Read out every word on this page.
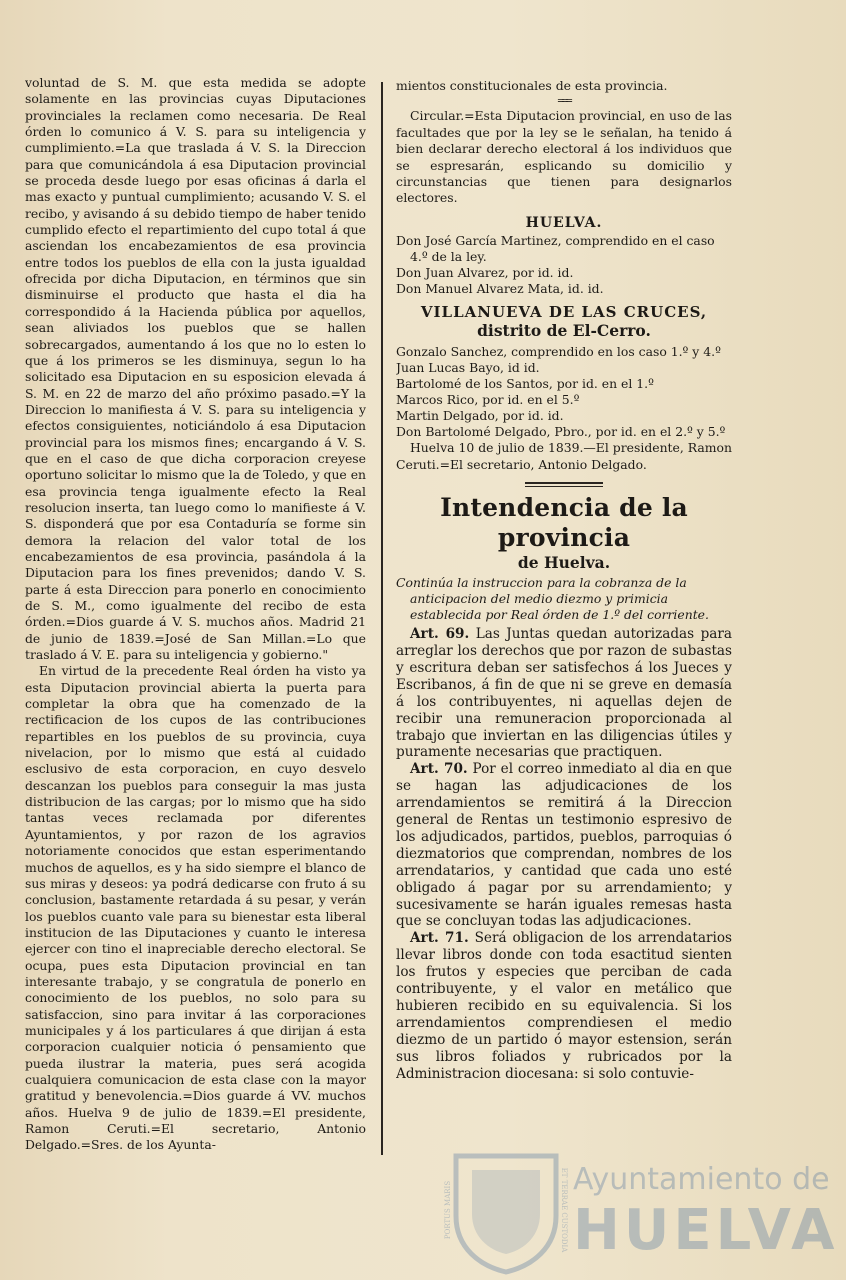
voluntad de S. M. que esta medida se adopte solamente en las provincias cuyas Diputaciones provinciales la reclamen como necesaria. De Real órden lo comunico á V. S. para su inteligencia y cumplimiento.=La que traslada á V. S. la Direccion para que comunicándola á esa Diputacion provincial se proceda desde luego por esas oficinas á darla el mas exacto y puntual cumplimiento; acusando V. S. el recibo, y avisando á su debido tiempo de haber tenido cumplido efecto el repartimiento del cupo total á que asciendan los encabezamientos de esa provincia entre todos los pueblos de ella con la justa igualdad ofrecida por dicha Diputacion, en términos que sin disminuirse el producto que hasta el dia ha correspondido á la Hacienda pública por aquellos, sean aliviados los pueblos que se hallen sobrecargados, aumentando á los que no lo esten lo que á los primeros se les disminuya, segun lo ha solicitado esa Diputacion en su esposicion elevada á S. M. en 22 de marzo del año próximo pasado.=Y la Direccion lo manifiesta á V. S. para su inteligencia y efectos consiguientes, noticiándolo á esa Diputacion provincial para los mismos fines; encargando á V. S. que en el caso de que dicha corporacion creyese oportuno solicitar lo mismo que la de Toledo, y que en esa provincia tenga igualmente efecto la Real resolucion inserta, tan luego como lo manifieste á V. S. disponderá que por esa Contaduría se forme sin demora la relacion del valor total de los encabezamientos de esa provincia, pasándola á la Diputacion para los fines prevenidos; dando V. S. parte á esta Direccion para ponerlo en conocimiento de S. M., como igualmente del recibo de esta órden.=Dios guarde á V. S. muchos años. Madrid 21 de junio de 1839.=José de San Millan.=Lo que traslado á V. E. para su inteligencia y gobierno."

En virtud de la precedente Real órden ha visto ya esta Diputacion provincial abierta la puerta para completar la obra que ha comenzado de la rectificacion de los cupos de las contribuciones repartibles en los pueblos de su provincia, cuya nivelacion, por lo mismo que está al cuidado esclusivo de esta corporacion, en cuyo desvelo descanzan los pueblos para conseguir la mas justa distribucion de las cargas; por lo mismo que ha sido tantas veces reclamada por diferentes Ayuntamientos, y por razon de los agravios notoriamente conocidos que estan esperimentando muchos de aquellos, es y ha sido siempre el blanco de sus miras y deseos: ya podrá dedicarse con fruto á su conclusion, bastamente retardada á su pesar, y verán los pueblos cuanto vale para su bienestar esta liberal institucion de las Diputaciones y cuanto le interesa ejercer con tino el inapreciable derecho electoral. Se ocupa, pues esta Diputacion provincial en tan interesante trabajo, y se congratula de ponerlo en conocimiento de los pueblos, no solo para su satisfaccion, sino para invitar á las corporaciones municipales y á los particulares á que dirijan á esta corporacion cualquier noticia ó pensamiento que pueda ilustrar la materia, pues será acogida cualquiera comunicacion de esta clase con la mayor gratitud y benevolencia.=Dios guarde á VV. muchos años. Huelva 9 de julio de 1839.=El presidente, Ramon Ceruti.=El secretario, Antonio Delgado.=Sres. de los Ayunta-

mientos constitucionales de esta provincia.

═══

Circular.=Esta Diputacion provincial, en uso de las facultades que por la ley se le señalan, ha tenido á bien declarar derecho electoral á los individuos que se espresarán, esplicando su domicilio y circunstancias que tienen para designarlos electores.

HUELVA.
Don José García Martinez, comprendido en el caso 4.º de la ley.
Don Juan Alvarez, por id. id.
Don Manuel Alvarez Mata, id. id.
VILLANUEVA DE LAS CRUCES,
distrito de El-Cerro.
Gonzalo Sanchez, comprendido en los caso 1.º y 4.º
Juan Lucas Bayo, id id.
Bartolomé de los Santos, por id. en el 1.º
Marcos Rico, por id. en el 5.º
Martin Delgado, por id. id.
Don Bartolomé Delgado, Pbro., por id. en el 2.º y 5.º

Huelva 10 de julio de 1839.—El presidente, Ramon Ceruti.=El secretario, Antonio Delgado.

Intendencia de la provincia
de Huelva.
Continúa la instruccion para la cobranza de la anticipacion del medio diezmo y primicia establecida por Real órden de 1.º del corriente.

Art. 69. Las Juntas quedan autorizadas para arreglar los derechos que por razon de subastas y escritura deban ser satisfechos á los Jueces y Escribanos, á fin de que ni se greve en demasía á los contribuyentes, ni aquellas dejen de recibir una remuneracion proporcionada al trabajo que inviertan en las diligencias útiles y puramente necesarias que practiquen.

Art. 70. Por el correo inmediato al dia en que se hagan las adjudicaciones de los arrendamientos se remitirá á la Direccion general de Rentas un testimonio espresivo de los adjudicados, partidos, pueblos, parroquias ó diezmatorios que comprendan, nombres de los arrendatarios, y cantidad que cada uno esté obligado á pagar por su arrendamiento; y sucesivamente se harán iguales remesas hasta que se concluyan todas las adjudicaciones.

Art. 71. Será obligacion de los arrendatarios llevar libros donde con toda esactitud sienten los frutos y especies que perciban de cada contribuyente, y el valor en metálico que hubieren recibido en su equivalencia. Si los arrendamientos comprendiesen el medio diezmo de un partido ó mayor estension, serán sus libros foliados y rubricados por la Administracion diocesana: si solo contuvie-

PORTUS MARIS	ET TERRAE CUSTODIA Ayuntamiento de
HUELVA
